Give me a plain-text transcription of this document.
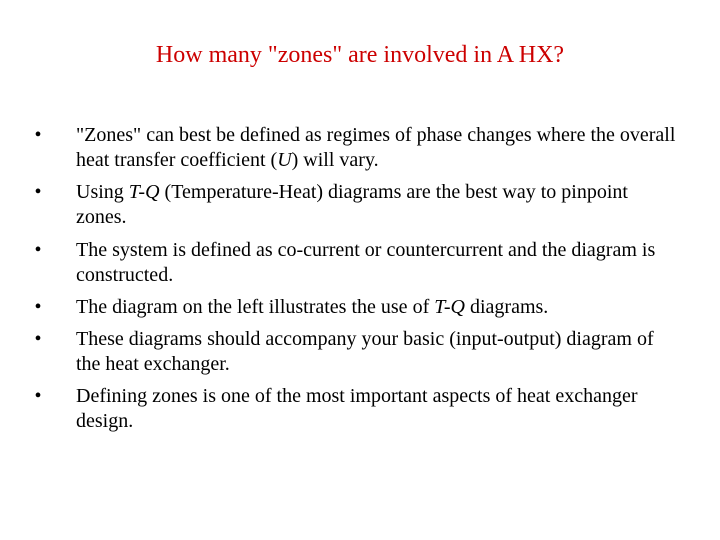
How many "zones" are involved in A HX?
•	"Zones" can best be defined as regimes of phase changes where the overall heat transfer coefficient (U) will vary.
•	Using T-Q (Temperature-Heat) diagrams are the best way to pinpoint zones.
•	The system is defined as co-current or countercurrent and the diagram is constructed.
•	The diagram on the left illustrates the use of T-Q diagrams.
•	These diagrams should accompany your basic (input-output) diagram of the heat exchanger.
•	Defining zones is one of the most important aspects of heat exchanger design.
